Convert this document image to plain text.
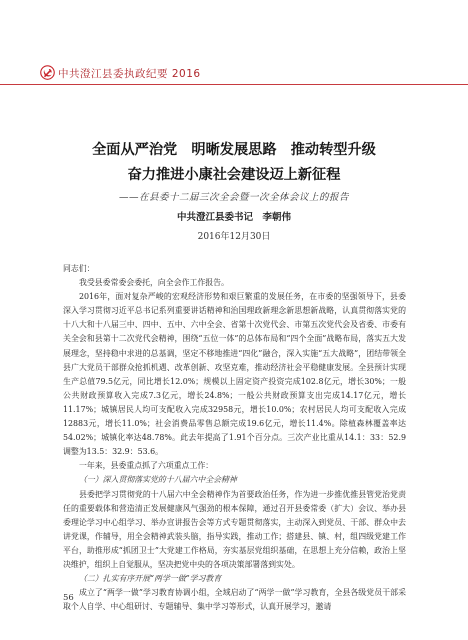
中共澄江县委执政纪要 2016
全面从严治党　明晰发展思路　推动转型升级
奋力推进小康社会建设迈上新征程
——在县委十二届三次全会暨一次全体会议上的报告
中共澄江县委书记　李朝伟
2016年12月30日

同志们：

我受县委常委会委托，向全会作工作报告。

2016年，面对复杂严峻的宏观经济形势和艰巨繁重的发展任务，在市委的坚强领导下，县委深入学习贯彻习近平总书记系列重要讲话精神和治国理政新理念新思想新战略，认真贯彻落实党的十八大和十八届三中、四中、五中、六中全会、省第十次党代会、市第五次党代会及省委、市委有关全会和县第十二次党代会精神，围绕“五位一体”的总体布局和“四个全面”战略布局，落实五大发展理念，坚持稳中求进的总基调，坚定不移地推进“四化”融合，深入实施“五大战略”，团结带领全县广大党员干部群众抢抓机遇、改革创新、攻坚克难，推动经济社会平稳健康发展。全县预计实现生产总值79.5亿元，同比增长12.0%；规模以上固定资产投资完成102.8亿元，增长30%；一般公共财政预算收入完成7.3亿元，增长24.8%；一般公共财政预算支出完成14.17亿元，增长11.17%；城镇居民人均可支配收入完成32958元，增长10.0%；农村居民人均可支配收入完成12883元，增长11.0%；社会消费品零售总额完成19.6亿元，增长11.4%。除植森林覆盖率达54.02%；城镇化率达48.78%。此去年提高了1.91个百分点。三次产业比重从14.1：33：52.9调整为13.5：32.9：53.6。

一年来，县委重点抓了六项重点工作：

（一）深入贯彻落实党的十八届六中全会精神

县委把学习贯彻党的十八届六中全会精神作为首要政治任务，作为进一步推优推县管党治党责任的重要载体和营造清正发展健康风气强劲的根本保障，通过召开县委常委（扩大）会议、举办县委理论学习中心组学习、举办宣讲报告会等方式专题贯彻落实，主动深入到党员、干部、群众中去讲党课，作辅导，用全会精神武装头脑，指导实践，推动工作；搭建县、镇、村，组四级党建工作平台，助推形成“抓团卫士”大党建工作格局，夯实基层党组织基础，在思想上充分信赖，政治上坚决维护，组织上自觉服从，坚决把党中央的各项决策部署落到实处。

（二）扎实有序开展“两学一做”学习教育

成立了“两学一做”学习教育协调小组，全域启动了“两学一做”学习教育，全县各级党员干部采取个人自学、中心组研讨、专题辅导、集中学习等形式，认真开展学习，邀请

56
